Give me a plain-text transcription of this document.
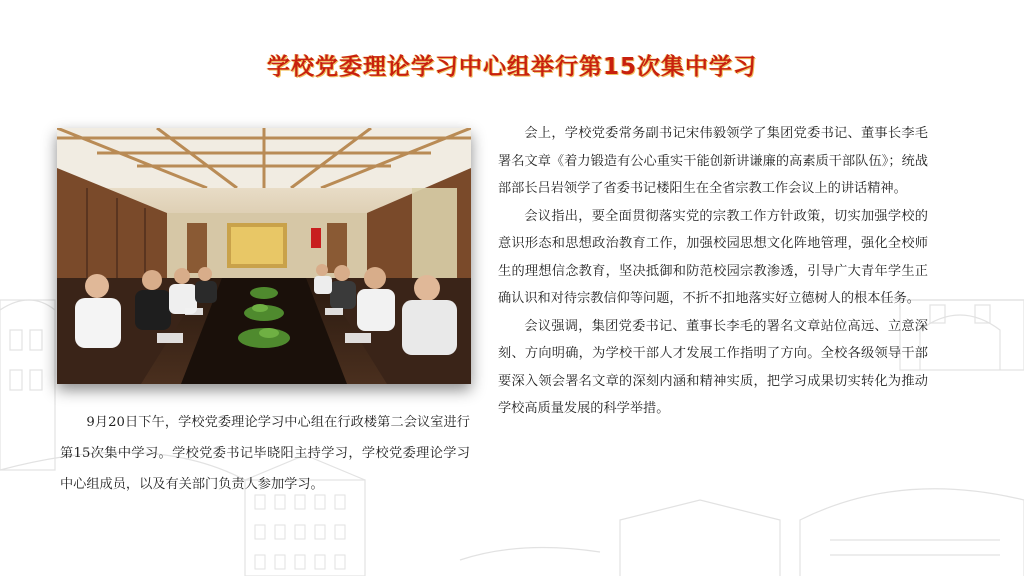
学校党委理论学习中心组举行第15次集中学习

9月20日下午，学校党委理论学习中心组在行政楼第二会议室进行第15次集中学习。学校党委书记毕晓阳主持学习，学校党委理论学习中心组成员，以及有关部门负责人参加学习。

会上，学校党委常务副书记宋伟毅领学了集团党委书记、董事长李毛署名文章《着力锻造有公心重实干能创新讲谦廉的高素质干部队伍》；统战部部长吕岩领学了省委书记楼阳生在全省宗教工作会议上的讲话精神。

会议指出，要全面贯彻落实党的宗教工作方针政策，切实加强学校的意识形态和思想政治教育工作，加强校园思想文化阵地管理，强化全校师生的理想信念教育，坚决抵御和防范校园宗教渗透，引导广大青年学生正确认识和对待宗教信仰等问题，不折不扣地落实好立德树人的根本任务。

会议强调，集团党委书记、董事长李毛的署名文章站位高远、立意深刻、方向明确，为学校干部人才发展工作指明了方向。全校各级领导干部要深入领会署名文章的深刻内涵和精神实质，把学习成果切实转化为推动学校高质量发展的科学举措。
